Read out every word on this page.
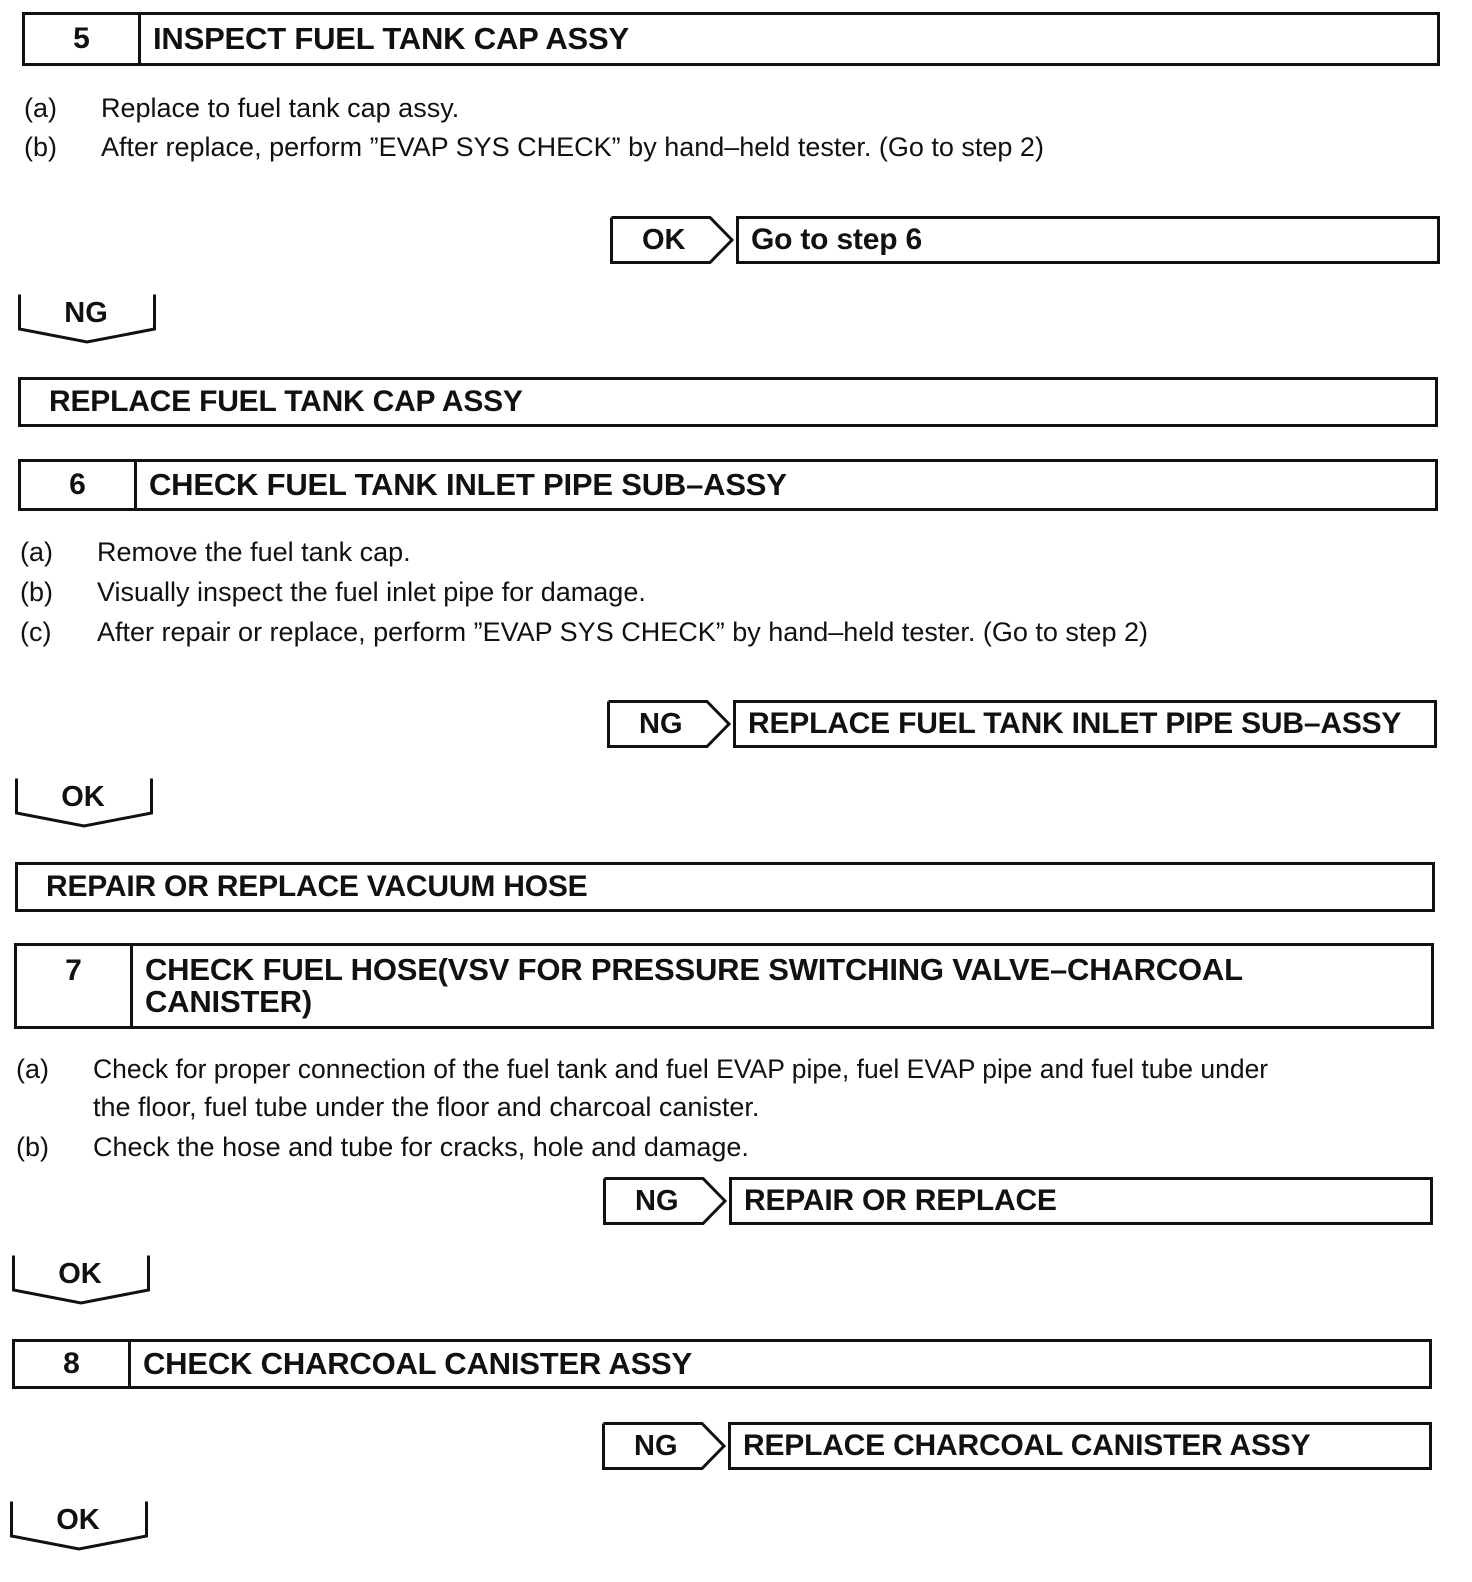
5	INSPECT FUEL TANK CAP ASSY
(a) Replace to fuel tank cap assy.
(b) After replace, perform ”EVAP SYS CHECK” by hand–held tester. (Go to step 2)
OK Go to step 6
NG
REPLACE FUEL TANK CAP ASSY
6	CHECK FUEL TANK INLET PIPE SUB–ASSY
(a) Remove the fuel tank cap.
(b) Visually inspect the fuel inlet pipe for damage.
(c) After repair or replace, perform ”EVAP SYS CHECK” by hand–held tester. (Go to step 2)
NG REPLACE FUEL TANK INLET PIPE SUB–ASSY
OK
REPAIR OR REPLACE VACUUM HOSE
7	CHECK FUEL HOSE(VSV FOR PRESSURE SWITCHING VALVE–CHARCOAL
CANISTER)
(a) Check for proper connection of the fuel tank and fuel EVAP pipe, fuel EVAP pipe and fuel tube under
the floor, fuel tube under the floor and charcoal canister.
(b) Check the hose and tube for cracks, hole and damage.
NG REPAIR OR REPLACE
OK
8	CHECK CHARCOAL CANISTER ASSY
NG REPLACE CHARCOAL CANISTER ASSY
OK
